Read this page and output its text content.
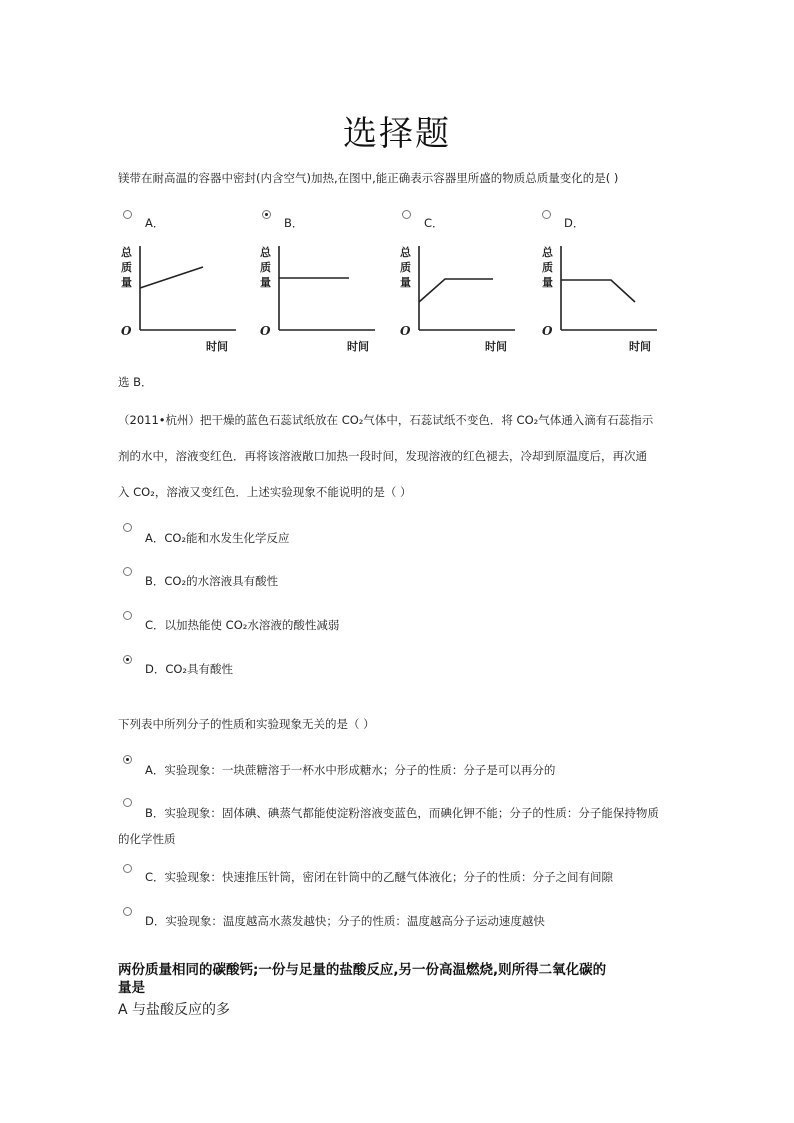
选择题
镁带在耐高温的容器中密封(内含空气)加热,在图中,能正确表示容器里所盛的物质总质量变化的是( )
A．	B．	C．	D．
总
质
量
O
时间
总
质
量
O
时间
总
质
量
O
时间
总
质
量
O
时间
选 B．
（2011•杭州）把干燥的蓝色石蕊试纸放在 CO₂气体中，石蕊试纸不变色．将 CO₂气体通入滴有石蕊指示
剂的水中，溶液变红色．再将该溶液敞口加热一段时间，发现溶液的红色褪去，冷却到原温度后，再次通
入 CO₂，溶液又变红色．上述实验现象不能说明的是（ ）
A．CO₂能和水发生化学反应
B．CO₂的水溶液具有酸性
C．以加热能使 CO₂水溶液的酸性减弱
D．CO₂具有酸性
下列表中所列分子的性质和实验现象无关的是（ ）
A．实验现象：一块蔗糖溶于一杯水中形成糖水；分子的性质：分子是可以再分的
B．实验现象：固体碘、碘蒸气都能使淀粉溶液变蓝色，而碘化钾不能；分子的性质：分子能保持物质
的化学性质
C．实验现象：快速推压针筒，密闭在针筒中的乙醚气体液化；分子的性质：分子之间有间隙
D．实验现象：温度越高水蒸发越快；分子的性质：温度越高分子运动速度越快
两份质量相同的碳酸钙;一份与足量的盐酸反应,另一份高温燃烧,则所得二氧化碳的
量是
A 与盐酸反应的多
